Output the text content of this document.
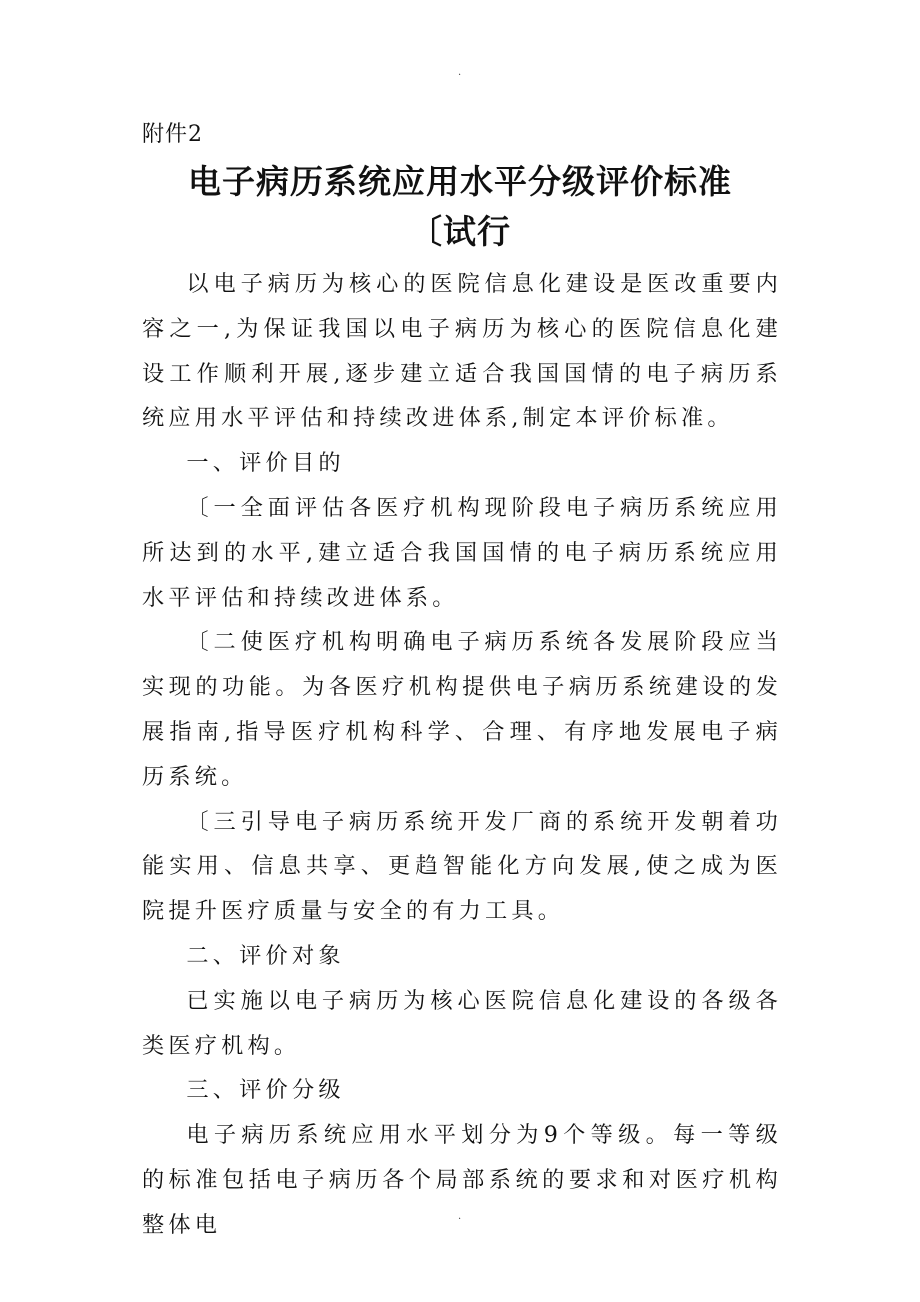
.
附件2
电子病历系统应用水平分级评价标准
〔试行

以电子病历为核心的医院信息化建设是医改重要内容之一,为保证我国以电子病历为核心的医院信息化建设工作顺利开展,逐步建立适合我国国情的电子病历系统应用水平评估和持续改进体系,制定本评价标准。

一、评价目的

〔一全面评估各医疗机构现阶段电子病历系统应用所达到的水平,建立适合我国国情的电子病历系统应用水平评估和持续改进体系。

〔二使医疗机构明确电子病历系统各发展阶段应当实现的功能。为各医疗机构提供电子病历系统建设的发展指南,指导医疗机构科学、合理、有序地发展电子病历系统。

〔三引导电子病历系统开发厂商的系统开发朝着功能实用、信息共享、更趋智能化方向发展,使之成为医院提升医疗质量与安全的有力工具。

二、评价对象

已实施以电子病历为核心医院信息化建设的各级各类医疗机构。

三、评价分级

电子病历系统应用水平划分为9个等级。每一等级的标准包括电子病历各个局部系统的要求和对医疗机构整体电	.
